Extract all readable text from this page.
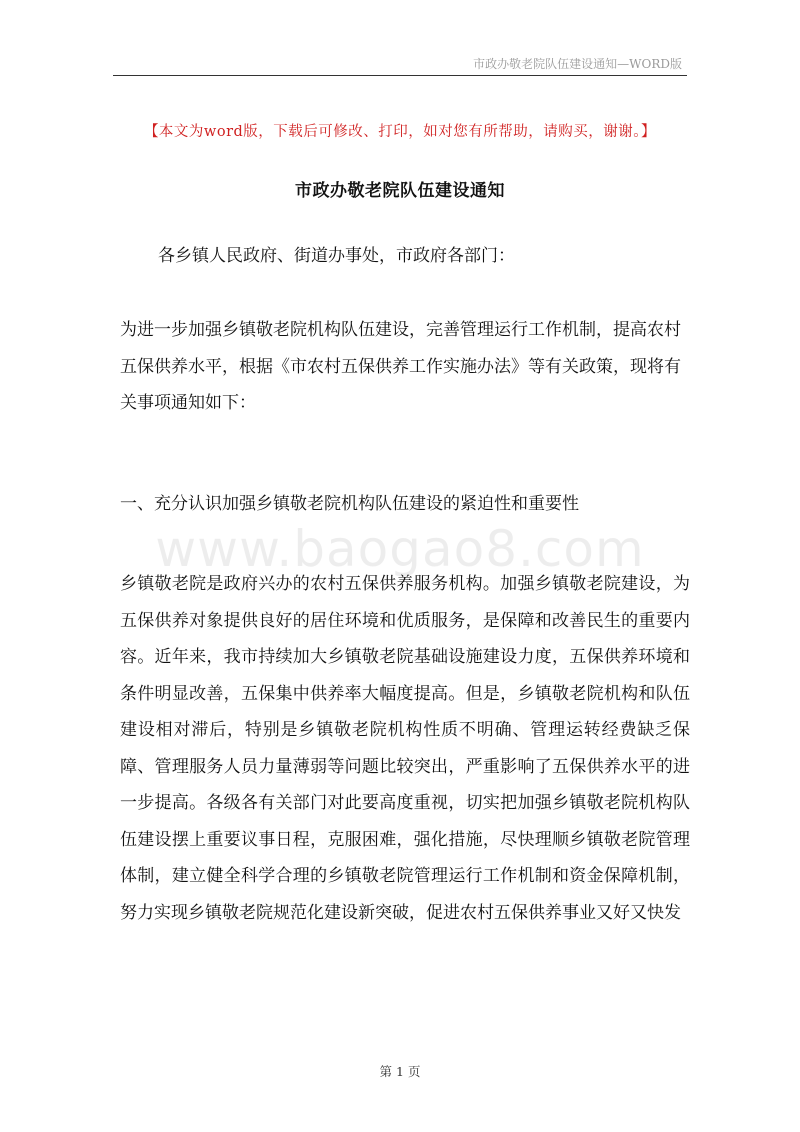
市政办敬老院队伍建设通知—WORD版
【本文为word版，下载后可修改、打印，如对您有所帮助，请购买，谢谢。】
市政办敬老院队伍建设通知

各乡镇人民政府、街道办事处，市政府各部门：

为进一步加强乡镇敬老院机构队伍建设，完善管理运行工作机制，提高农村五保供养水平，根据《市农村五保供养工作实施办法》等有关政策，现将有关事项通知如下：

一、充分认识加强乡镇敬老院机构队伍建设的紧迫性和重要性

www.baogao8.com

乡镇敬老院是政府兴办的农村五保供养服务机构。加强乡镇敬老院建设，为五保供养对象提供良好的居住环境和优质服务，是保障和改善民生的重要内容。近年来，我市持续加大乡镇敬老院基础设施建设力度，五保供养环境和条件明显改善，五保集中供养率大幅度提高。但是，乡镇敬老院机构和队伍建设相对滞后，特别是乡镇敬老院机构性质不明确、管理运转经费缺乏保障、管理服务人员力量薄弱等问题比较突出，严重影响了五保供养水平的进一步提高。各级各有关部门对此要高度重视，切实把加强乡镇敬老院机构队伍建设摆上重要议事日程，克服困难，强化措施，尽快理顺乡镇敬老院管理体制，建立健全科学合理的乡镇敬老院管理运行工作机制和资金保障机制，努力实现乡镇敬老院规范化建设新突破，促进农村五保供养事业又好又快发

第 1 页
